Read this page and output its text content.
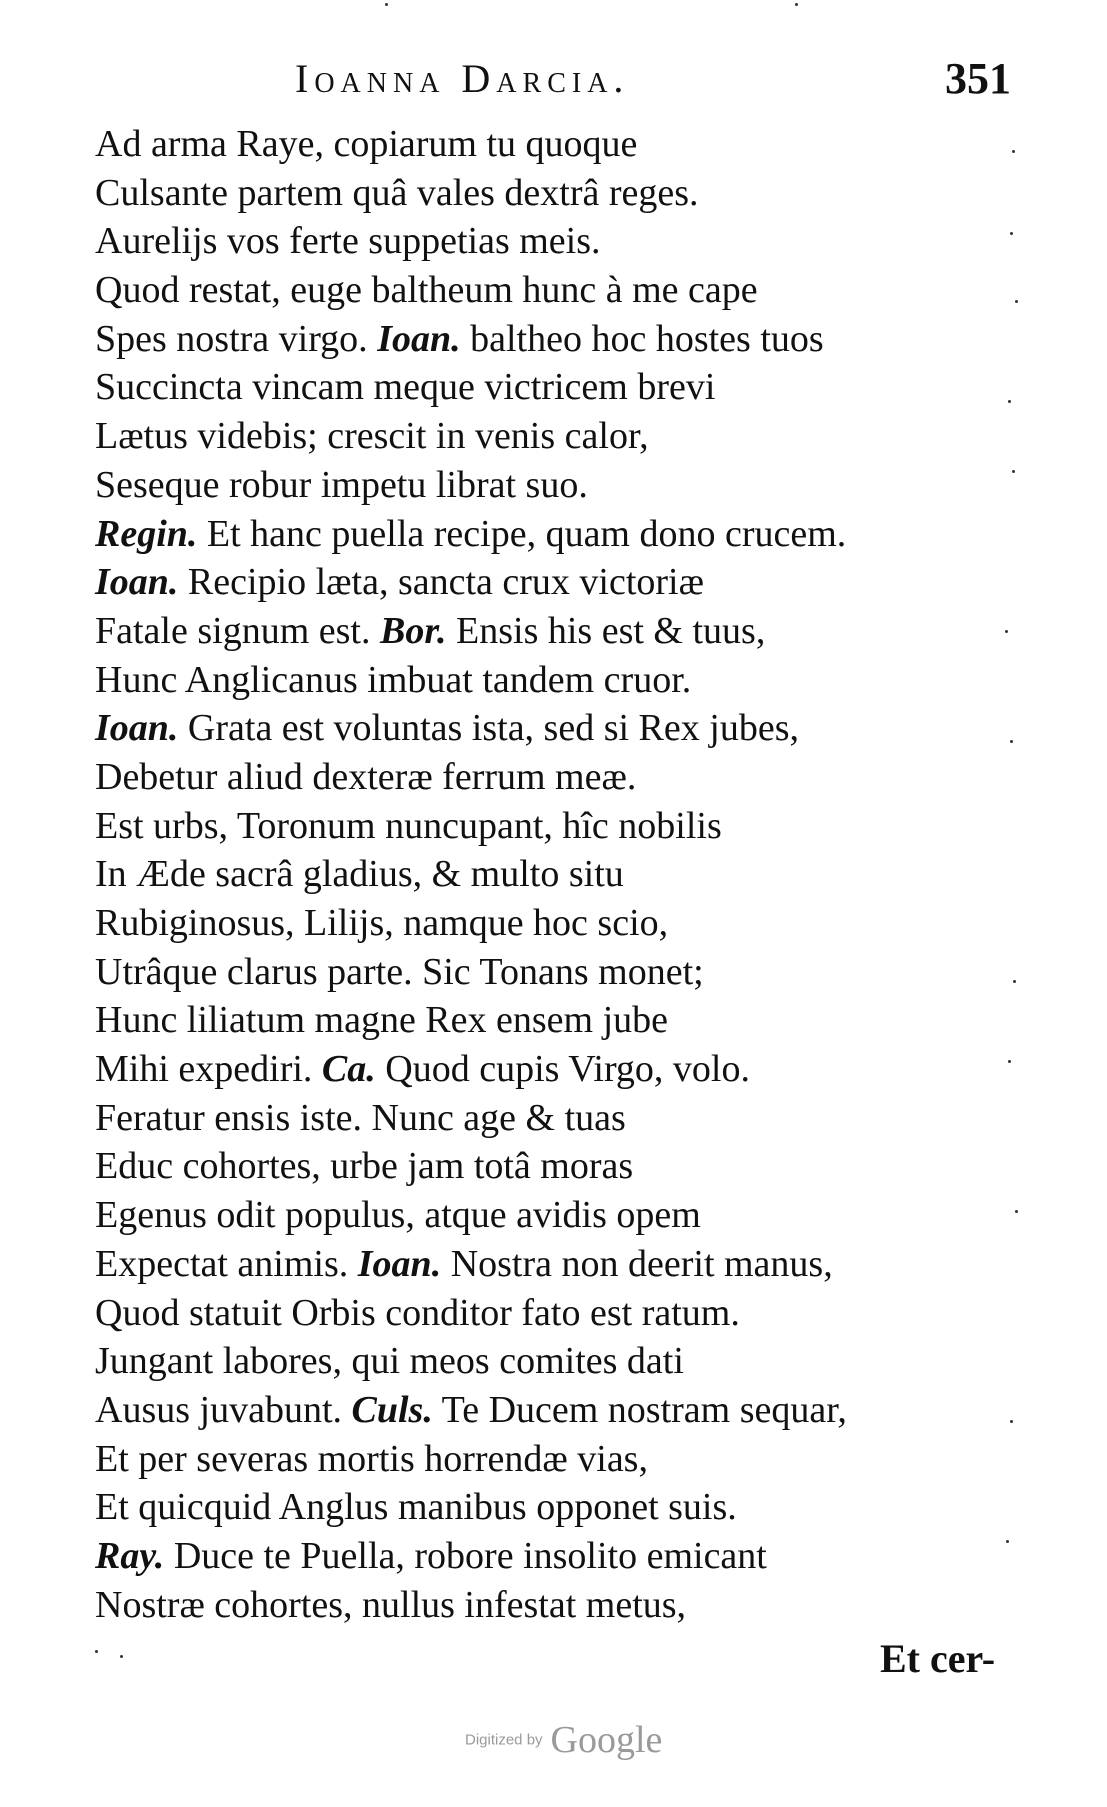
Ioanna Darcia.	351
Ad arma Raye, copiarum tu quoque
Culsante partem quâ vales dextrâ reges.
Aurelijs vos ferte suppetias meis.
Quod restat, euge baltheum hunc à me cape
Spes nostra virgo. Ioan. baltheo hoc hostes tuos
Succincta vincam meque victricem brevi
Lætus videbis; crescit in venis calor,
Seseque robur impetu librat suo.
Regin. Et hanc puella recipe, quam dono crucem.
Ioan. Recipio læta, sancta crux victoriæ
Fatale signum est. Bor. Ensis his est & tuus,
Hunc Anglicanus imbuat tandem cruor.
Ioan. Grata est voluntas ista, sed si Rex jubes,
Debetur aliud dexteræ ferrum meæ.
Est urbs, Toronum nuncupant, hîc nobilis
In Æde sacrâ gladius, & multo situ
Rubiginosus, Lilijs, namque hoc scio,
Utrâque clarus parte. Sic Tonans monet;
Hunc liliatum magne Rex ensem jube
Mihi expediri. Ca. Quod cupis Virgo, volo.
Feratur ensis iste. Nunc age & tuas
Educ cohortes, urbe jam totâ moras
Egenus odit populus, atque avidis opem
Expectat animis. Ioan. Nostra non deerit manus,
Quod statuit Orbis conditor fato est ratum.
Jungant labores, qui meos comites dati
Ausus juvabunt. Culs. Te Ducem nostram sequar,
Et per severas mortis horrendæ vias,
Et quicquid Anglus manibus opponet suis.
Ray. Duce te Puella, robore insolito emicant
Nostræ cohortes, nullus infestat metus,
Et cer-
Digitized by Google
